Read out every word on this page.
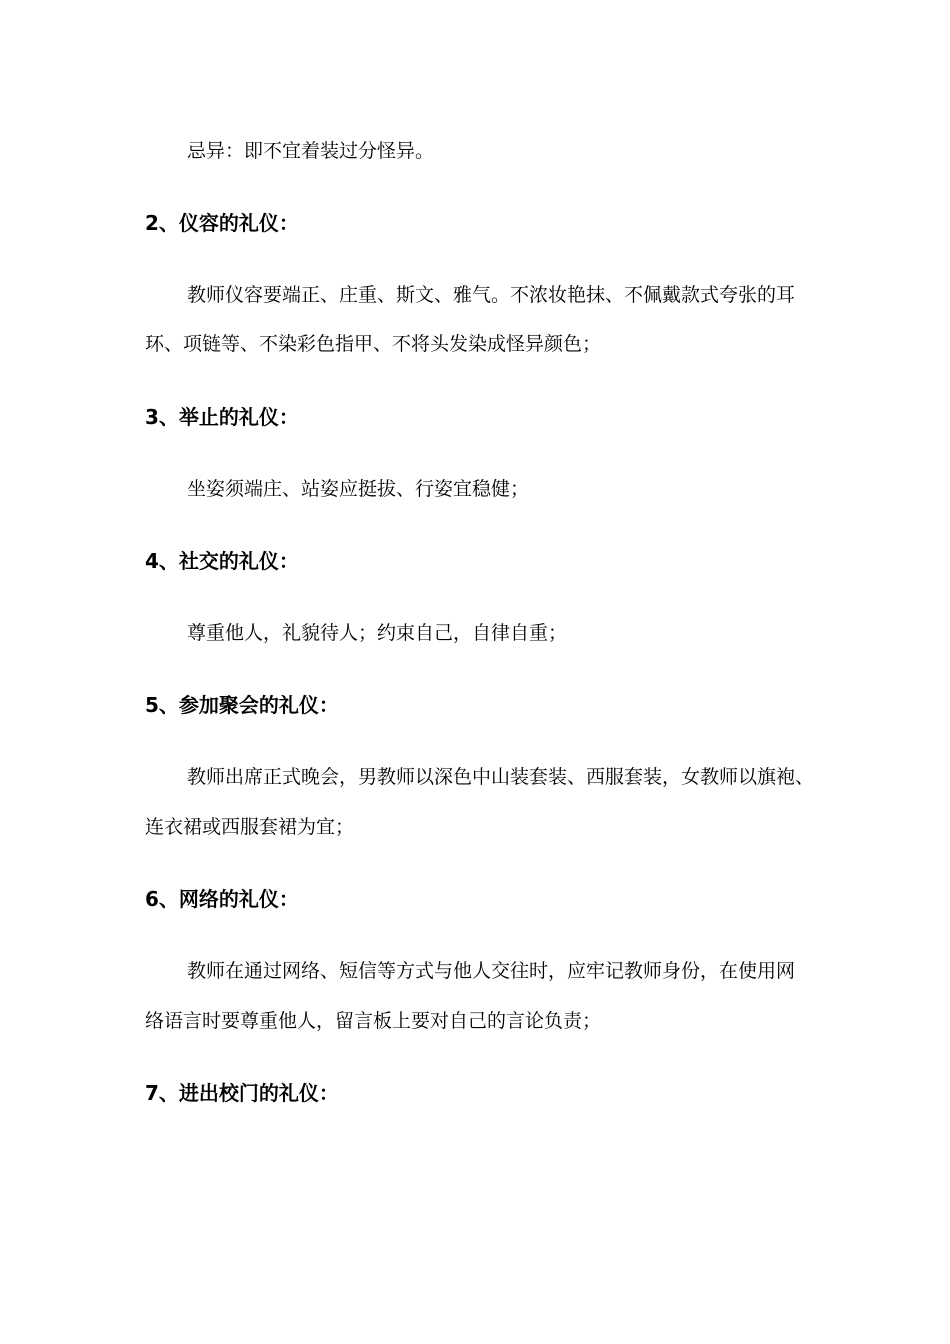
忌异：即不宜着装过分怪异。
2、仪容的礼仪：
教师仪容要端正、庄重、斯文、雅气。不浓妆艳抹、不佩戴款式夸张的耳
环、项链等、不染彩色指甲、不将头发染成怪异颜色；
3、举止的礼仪：
坐姿须端庄、站姿应挺拔、行姿宜稳健；
4、社交的礼仪：
尊重他人，礼貌待人；约束自己，自律自重；
5、参加聚会的礼仪：
教师出席正式晚会，男教师以深色中山装套装、西服套装，女教师以旗袍、
连衣裙或西服套裙为宜；
6、网络的礼仪：
教师在通过网络、短信等方式与他人交往时，应牢记教师身份，在使用网
络语言时要尊重他人，留言板上要对自己的言论负责；
7、进出校门的礼仪：
